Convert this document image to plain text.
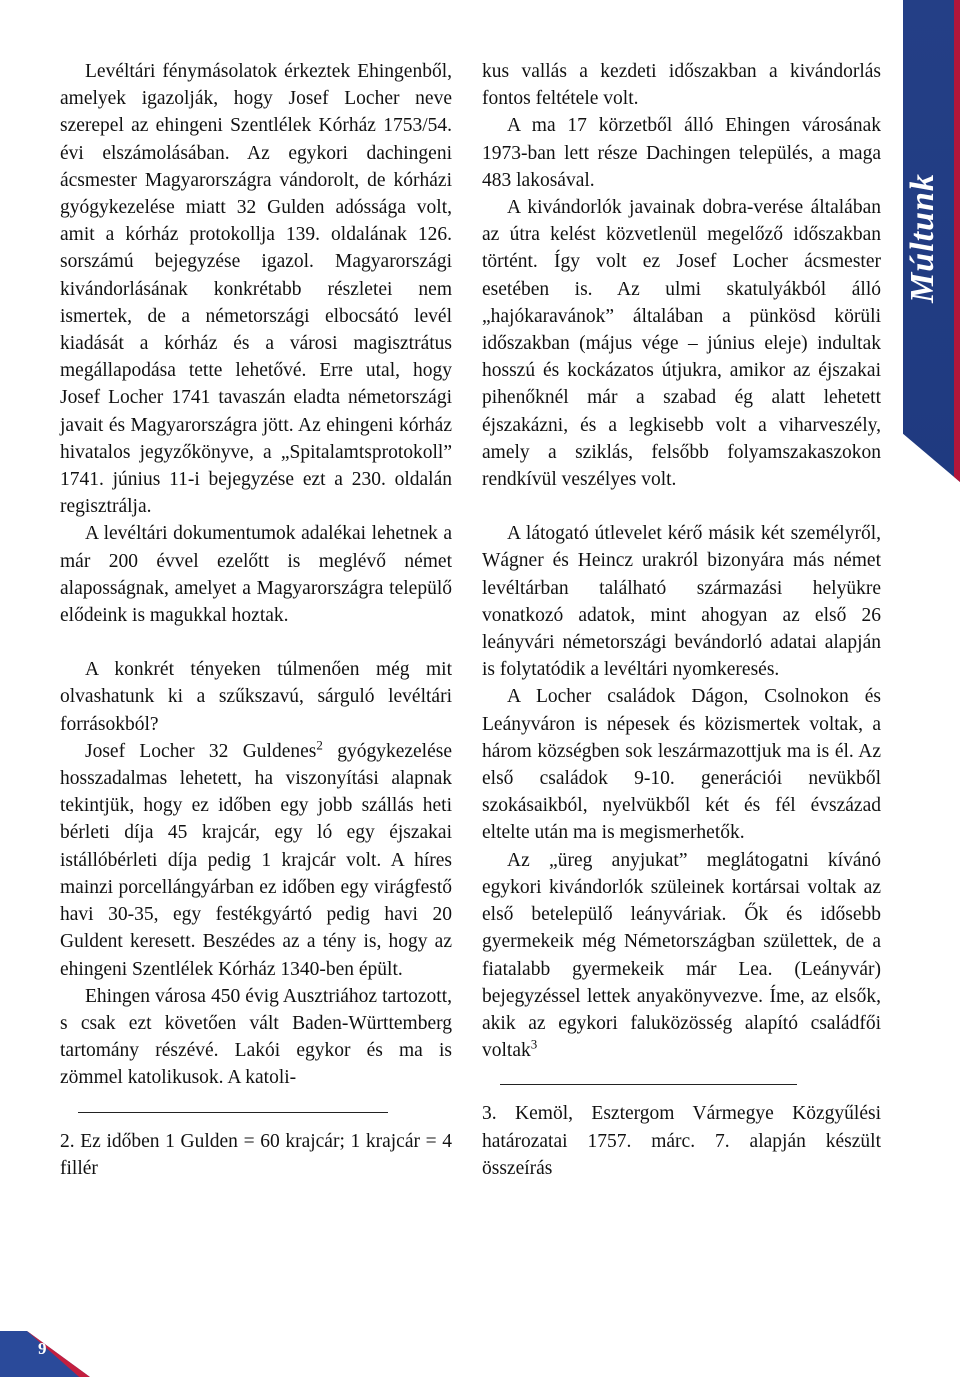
Múltunk

Levéltári fénymásolatok érkeztek Ehingenből, amelyek igazolják, hogy Josef Locher neve szerepel az ehingeni Szentlélek Kórház 1753/54. évi elszámolásában. Az egykori dachingeni ácsmester Magyarországra vándorolt, de kórházi gyógykezelése miatt 32 Gulden adóssága volt, amit a kórház protokollja 139. oldalának 126. sorszámú bejegyzése igazol. Magyarországi kivándorlásának konkrétabb részletei nem ismertek, de a németországi elbocsátó levél kiadását a kórház és a városi magisztrátus megállapodása tette lehetővé. Erre utal, hogy Josef Locher 1741 tavaszán eladta németországi javait és Magyarországra jött. Az ehingeni kórház hivatalos jegyzőkönyve, a „Spitalamtsprotokoll” 1741. június 11-i bejegyzése ezt a 230. oldalán regisztrálja.

A levéltári dokumentumok adalékai lehetnek a már 200 évvel ezelőtt is meglévő német alaposságnak, amelyet a Magyarországra települő elődeink is magukkal hoztak.

A konkrét tényeken túlmenően még mit olvashatunk ki a szűkszavú, sárguló levéltári forrásokból?

Josef Locher 32 Guldenes$^2$ gyógykezelése hosszadalmas lehetett, ha viszonyítási alapnak tekintjük, hogy ez időben egy jobb szállás heti bérleti díja 45 krajcár, egy ló egy éjszakai istállóbérleti díja pedig 1 krajcár volt. A híres mainzi porcellángyárban ez időben egy virágfestő havi 30-35, egy festékgyártó pedig havi 20 Guldent keresett. Beszédes az a tény is, hogy az ehingeni Szentlélek Kórház 1340-ben épült.

Ehingen városa 450 évig Ausztriához tartozott, s csak ezt követően vált Baden-Württemberg tartomány részévé. Lakói egykor és ma is zömmel katolikusok. A katoli-

2. Ez időben 1 Gulden = 60 krajcár; 1 krajcár = 4 fillér

kus vallás a kezdeti időszakban a kivándorlás fontos feltétele volt.

A ma 17 körzetből álló Ehingen városának 1973-ban lett része Dachingen település, a maga 483 lakosával.

A kivándorlók javainak dobra-verése általában az útra kelést közvetlenül megelőző időszakban történt. Így volt ez Josef Locher ácsmester esetében is. Az ulmi skatulyákból álló „hajókaravánok” általában a pünkösd körüli időszakban (május vége – június eleje) indultak hosszú és kockázatos útjukra, amikor az éjszakai pihenőknél már a szabad ég alatt lehetett éjszakázni, és a legkisebb volt a viharveszély, amely a sziklás, felsőbb folyamszakaszokon rendkívül veszélyes volt.

A látogató útlevelet kérő másik két személyről, Wágner és Heincz urakról bizonyára más német levéltárban található származási helyükre vonatkozó adatok, mint ahogyan az első 26 leányvári németországi bevándorló adatai alapján is folytatódik a levéltári nyomkeresés.

A Locher családok Dágon, Csolnokon és Leányváron is népesek és közismertek voltak, a három községben sok leszármazottjuk ma is él. Az első családok 9-10. generációi nevükből szokásaikból, nyelvükből két és fél évszázad eltelte után ma is megismerhetők.

Az „üreg anyjukat” meglátogatni kívánó egykori kivándorlók szüleinek kortársai voltak az első betelepülő leányváriak. Ők és idősebb gyermekeik még Németországban születtek, de a fiatalabb gyermekeik már Lea. (Leányvár) bejegyzéssel lettek anyakönyvezve. Íme, az elsők, akik az egykori faluközösség alapító családfői voltak$^3$

3. Kemöl, Esztergom Vármegye Közgyűlési határozatai 1757. márc. 7. alapján készült összeírás

9
